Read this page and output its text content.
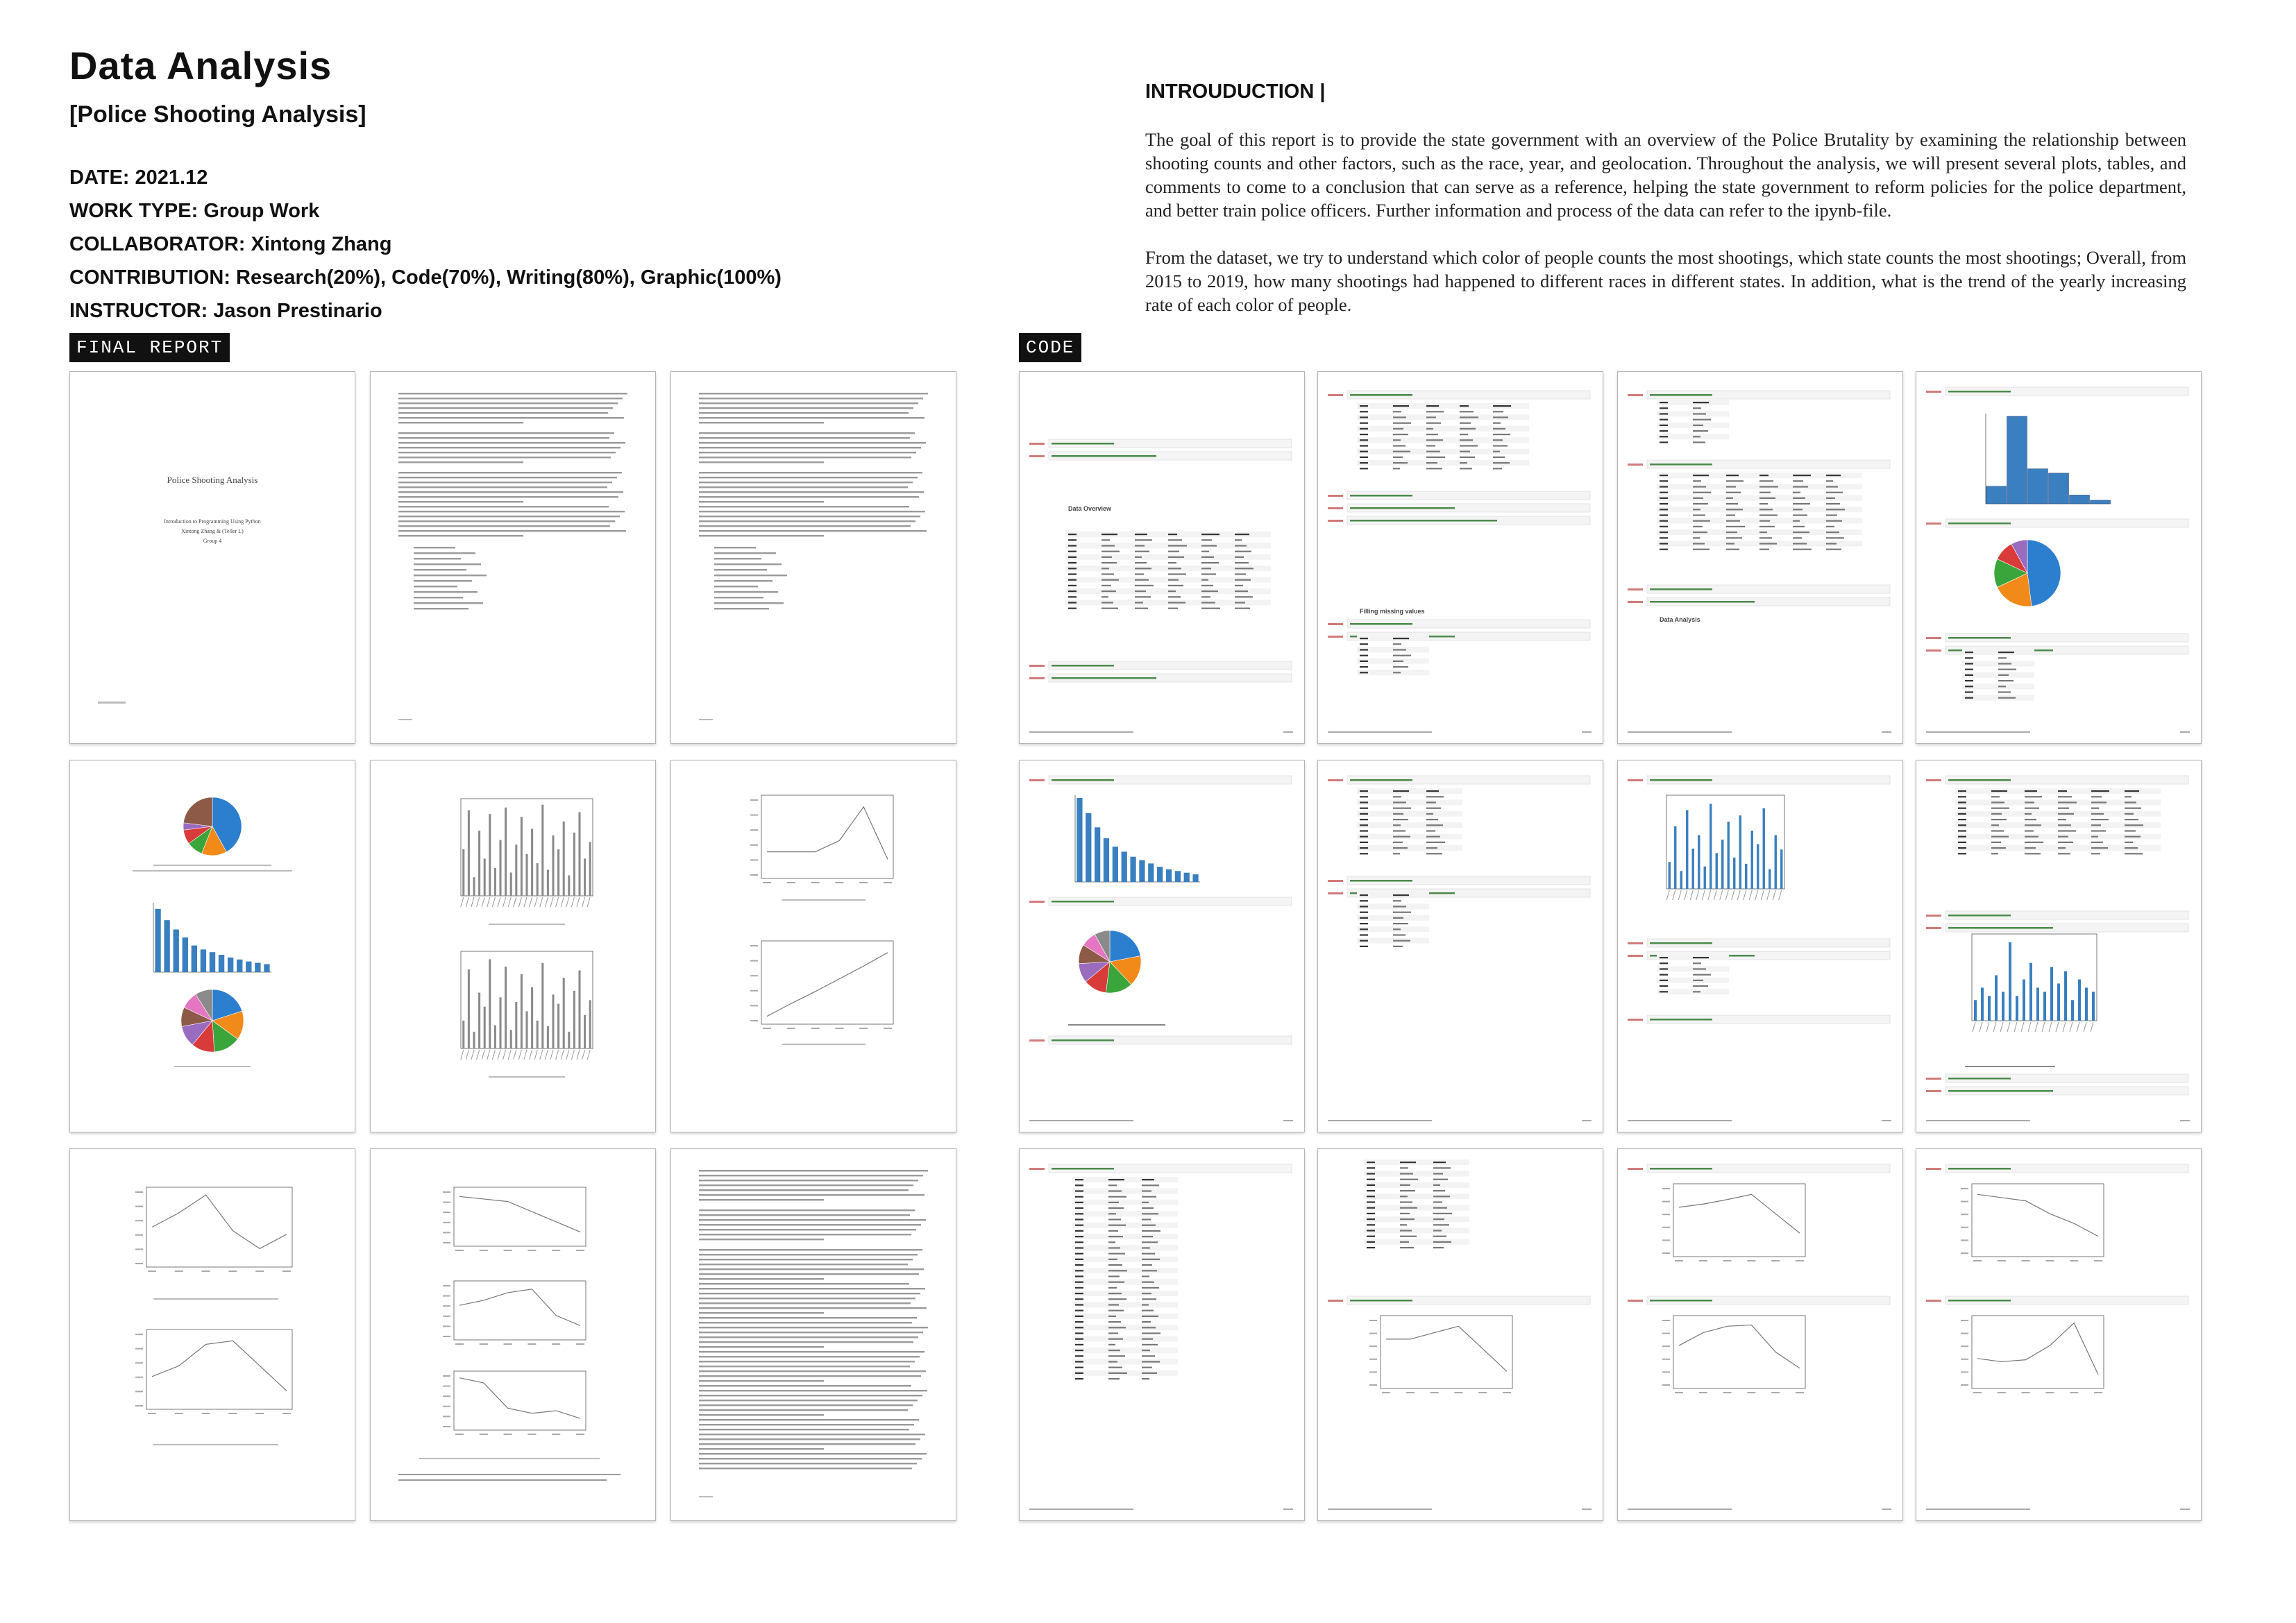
Data Analysis
[Police Shooting Analysis]
DATE: 2021.12
WORK TYPE: Group Work
COLLABORATOR: Xintong Zhang
CONTRIBUTION: Research(20%), Code(70%), Writing(80%), Graphic(100%)
INSTRUCTOR: Jason Prestinario
INTROUDUCTION |

The goal of this report is to provide the state government with an overview of the Police Brutality by examining the relationship between shooting counts and other factors, such as the race, year, and geolocation. Throughout the analysis, we will present several plots, tables, and comments to come to a conclusion that can serve as a reference, helping the state government to reform policies for the police department, and better train police officers. Further information and process of the data can refer to the ipynb-file.

From the dataset, we try to understand which color of people counts the most shootings, which state counts the most shootings; Overall, from 2015 to 2019, how many shootings had happened to different races in different states. In addition, what is the trend of the yearly increasing rate of each color of people.

FINAL REPORT	CODE
Police Shooting Analysis
Introduction to Programming Using Python
Xintong Zhang & (Teller L)
Group 4
Data Overview
Filling missing values
Data Analysis
